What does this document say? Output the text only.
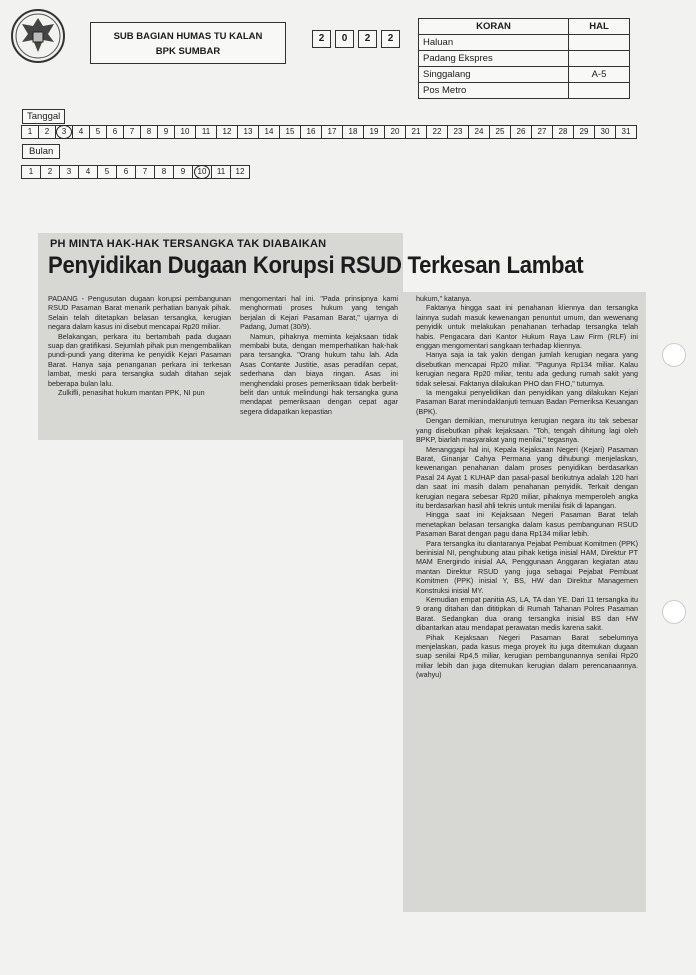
SUB BAGIAN HUMAS TU KALAN
BPK SUMBAR
2	0	2	2
KORAN	HAL
Haluan	
Padang Ekspres	
Singgalang	A-5
Pos Metro	
Tanggal
1	2	3	4	5	6	7	8	9	10	11	12	13	14	15	16	17	18	19	20	21	22	23	24	25	26	27	28	29	30	31
Bulan
1	2	3	4	5	6	7	8	9	10	11	12

PH MINTA HAK-HAK TERSANGKA TAK DIABAIKAN
Penyidikan Dugaan Korupsi RSUD Terkesan Lambat

PADANG - Pengusutan dugaan korupsi pembangunan RSUD Pasaman Barat menarik perhatian banyak pihak. Selain telah ditetapkan belasan tersangka, kerugian negara dalam kasus ini disebut mencapai Rp20 miliar.

Belakangan, perkara itu bertambah pada dugaan suap dan gratifikasi. Sejumlah pihak pun mengembalikan pundi-pundi yang diterima ke penyidik Kejari Pasaman Barat. Hanya saja penanganan perkara ini terkesan lambat, meski para tersangka sudah ditahan sejak beberapa bulan lalu.

Zulkifli, penasihat hukum mantan PPK, NI pun

mengomentari hal ini. "Pada prinsipnya kami menghormati proses hukum yang tengah berjalan di Kejari Pasaman Barat," ujarnya di Padang, Jumat (30/9).

Namun, pihaknya meminta kejaksaan tidak membabi buta, dengan memperhatikan hak-hak para tersangka. "Orang hukum tahu lah. Ada Asas Contante Justitie, asas peradilan cepat, sederhana dan biaya ringan. Asas ini menghendaki proses pemeriksaan tidak berbelit-belit dan untuk melindungi hak tersangka guna mendapat pemeriksaan dengan cepat agar segera didapatkan kepastian

hukum," katanya.

Faktanya hingga saat ini penahanan kliennya dan tersangka lainnya sudah masuk kewenangan penuntut umum, dan wewenang penyidik untuk melakukan penahanan terhadap tersangka telah habis. Pengacara dari Kantor Hukum Raya Law Firm (RLF) ini enggan mengomentari sangkaan terhadap kliennya.

Hanya saja ia tak yakin dengan jumlah kerugian negara yang disebutkan mencapai Rp20 miliar. "Pagunya Rp134 miliar. Kalau kerugian negara Rp20 miliar, tentu ada gedung rumah sakit yang tidak selesai. Faktanya dilakukan PHO dan FHO," tuturnya.

Ia mengakui penyelidikan dan penyidikan yang dilakukan Kejari Pasaman Barat menindaklanjuti temuan Badan Pemeriksa Keuangan (BPK).

Dengan demikian, menurutnya kerugian negara itu tak sebesar yang disebutkan pihak kejaksaan. "Toh, tengah dihitung lagi oleh BPKP, biarlah masyarakat yang menilai," tegasnya.

Menanggapi hal ini, Kepala Kejaksaan Negeri (Kejari) Pasaman Barat, Ginanjar Cahya Permana yang dihubungi menjelaskan, kewenangan penahanan dalam proses penyidikan berdasarkan Pasal 24 Ayat 1 KUHAP dan pasal-pasal berikutnya adalah 120 hari dan saat ini masih dalam penahanan penyidik. Terkait dengan kerugian negara sebesar Rp20 miliar, pihaknya memperoleh angka itu berdasarkan hasil ahli teknis untuk menilai fisik di lapangan.

Hingga saat ini Kejaksaan Negeri Pasaman Barat telah menetapkan belasan tersangka dalam kasus pembangunan RSUD Pasaman Barat dengan pagu dana Rp134 miliar lebih.

Para tersangka itu diantaranya Pejabat Pembuat Komitmen (PPK) berinisial NI, penghubung atau pihak ketiga inisial HAM, Direktur PT MAM Energindo inisial AA, Penggunaan Anggaran kegiatan atau mantan Direktur RSUD yang juga sebagai Pejabat Pembuat Komitmen (PPK) inisial Y, BS, HW dan Direktur Managemen Konstruksi inisial MY.

Kemudian empat panitia AS, LA, TA dan YE. Dari 11 tersangka itu 9 orang ditahan dan dititipkan di Rumah Tahanan Polres Pasaman Barat. Sedangkan dua orang tersangka inisial BS dan HW dibantarkan atau mendapat perawatan medis karena sakit.

Pihak Kejaksaan Negeri Pasaman Barat sebelumnya menjelaskan, pada kasus mega proyek itu juga ditemukan dugaan suap senilai Rp4,5 miliar, kerugian pembangunannya senilai Rp20 miliar lebih dan juga ditemukan kerugian dalam perencanaannya. (wahyu)
